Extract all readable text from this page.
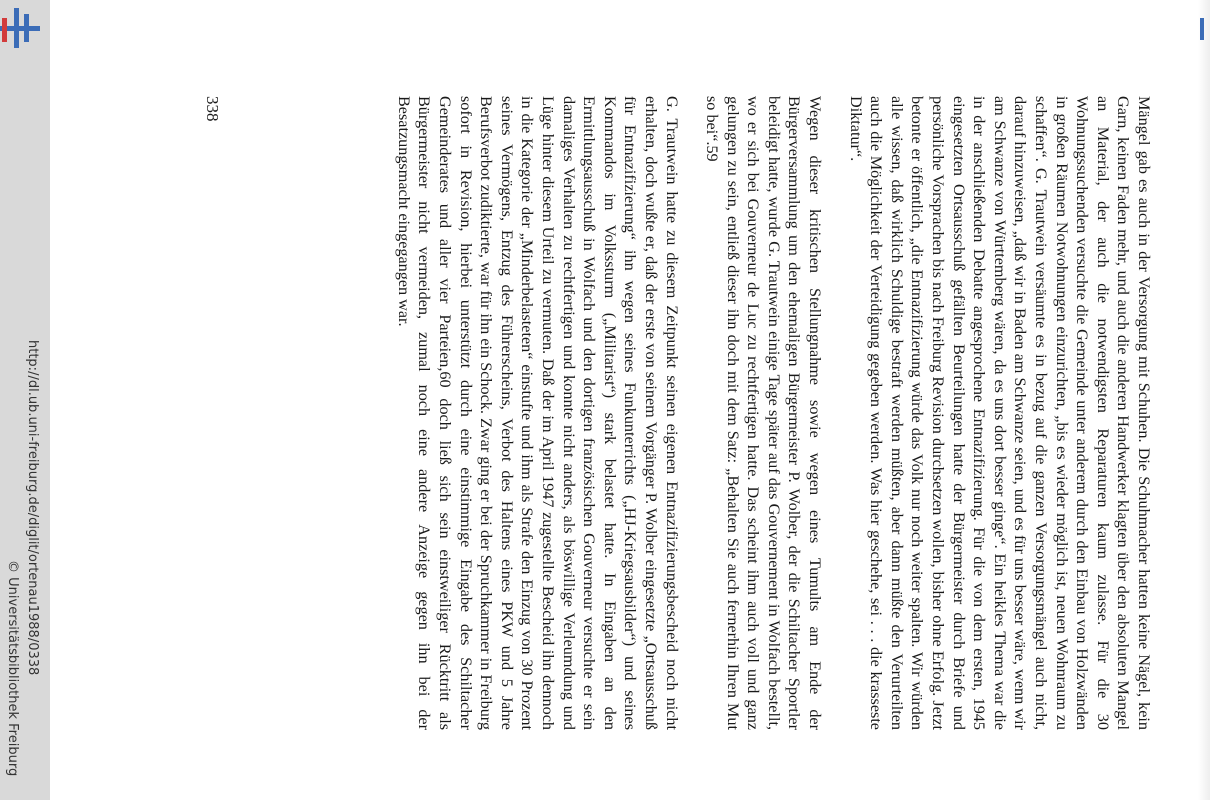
http://dl.ub.uni-freiburg.de/diglit/ortenau1988/0338
© Universitätsbibliothek Freiburg	Mängel gab es auch in der Versorgung mit Schuhen. Die Schuhmacher hatten keine Nägel, kein Garn, keinen Faden mehr, und auch die anderen Handwerker klagten über den absoluten Mangel an Material, der auch die notwendigsten Reparaturen kaum zulasse. Für die 30 Wohnungssuchenden versuchte die Gemeinde unter anderem durch den Einbau von Holzwänden in großen Räumen Notwohnungen einzurichten, „bis es wieder möglich ist, neuen Wohnraum zu schaffen“. G. Trautwein versäumte es in bezug auf die ganzen Versorgungsmängel auch nicht, darauf hinzuweisen, „daß wir in Baden am Schwanze seien, und es für uns besser wäre, wenn wir am Schwanze von Württemberg wären, da es uns dort besser ginge“. Ein heikles Thema war die in der anschließenden Debatte angesprochene Entnazifizierung. Für die von dem ersten, 1945 eingesetzten Ortsausschuß gefällten Beurteilungen hatte der Bürgermeister durch Briefe und persönliche Vorsprachen bis nach Freiburg Revision durchsetzen wollen, bisher ohne Erfolg. Jetzt betonte er öffentlich, „die Entnazifizierung würde das Volk nur noch weiter spalten. Wir würden alle wissen, daß wirklich Schuldige bestraft werden müßten, aber dann müßte den Verurteilten auch die Möglichkeit der Verteidigung gegeben werden. Was hier geschehe, sei . . . die krasseste Diktatur“.

Wegen dieser kritischen Stellungnahme sowie wegen eines Tumults am Ende der Bürgerversammlung um den ehemaligen Bürgermeister P. Wolber, der die Schiltacher Sportler beleidigt hatte, wurde G. Trautwein einige Tage später auf das Gouvernement in Wolfach bestellt, wo er sich bei Gouverneur de Luc zu rechtfertigen hatte. Das scheint ihm auch voll und ganz gelungen zu sein, entließ dieser ihn doch mit dem Satz: „Behalten Sie auch fernerhin Ihren Mut so bei“.59

G. Trautwein hatte zu diesem Zeitpunkt seinen eigenen Entnazifizierungsbescheid noch nicht erhalten, doch wußte er, daß der erste von seinem Vorgänger P. Wolber eingesetzte „Ortsausschuß für Entnazifizierung“ ihn wegen seines Funkunterrichts („HJ-Kriegsausbilder“) und seines Kommandos im Volkssturm („Militarist“) stark belastet hatte. In Eingaben an den Ermittlungsausschuß in Wolfach und den dortigen französischen Gouverneur versuchte er sein damaliges Verhalten zu rechtfertigen und konnte nicht anders, als böswillige Verleumdung und Lüge hinter diesem Urteil zu vermuten. Daß der im April 1947 zugestellte Bescheid ihn dennoch in die Kategorie der „Minderbelasteten“ einstufte und ihm als Strafe den Einzug von 30 Prozent seines Vermögens, Entzug des Führerscheins, Verbot des Haltens eines PKW und 5 Jahre Berufsverbot zudiktierte, war für ihn ein Schock. Zwar ging er bei der Spruchkammer in Freiburg sofort in Revision, hierbei unterstützt durch eine einstimmige Eingabe des Schiltacher Gemeinderates und aller vier Parteien,60 doch ließ sich sein einstweiliger Rücktritt als Bürgermeister nicht vermeiden, zumal noch eine andere Anzeige gegen ihn bei der Besatzungsmacht eingegangen war.

338
